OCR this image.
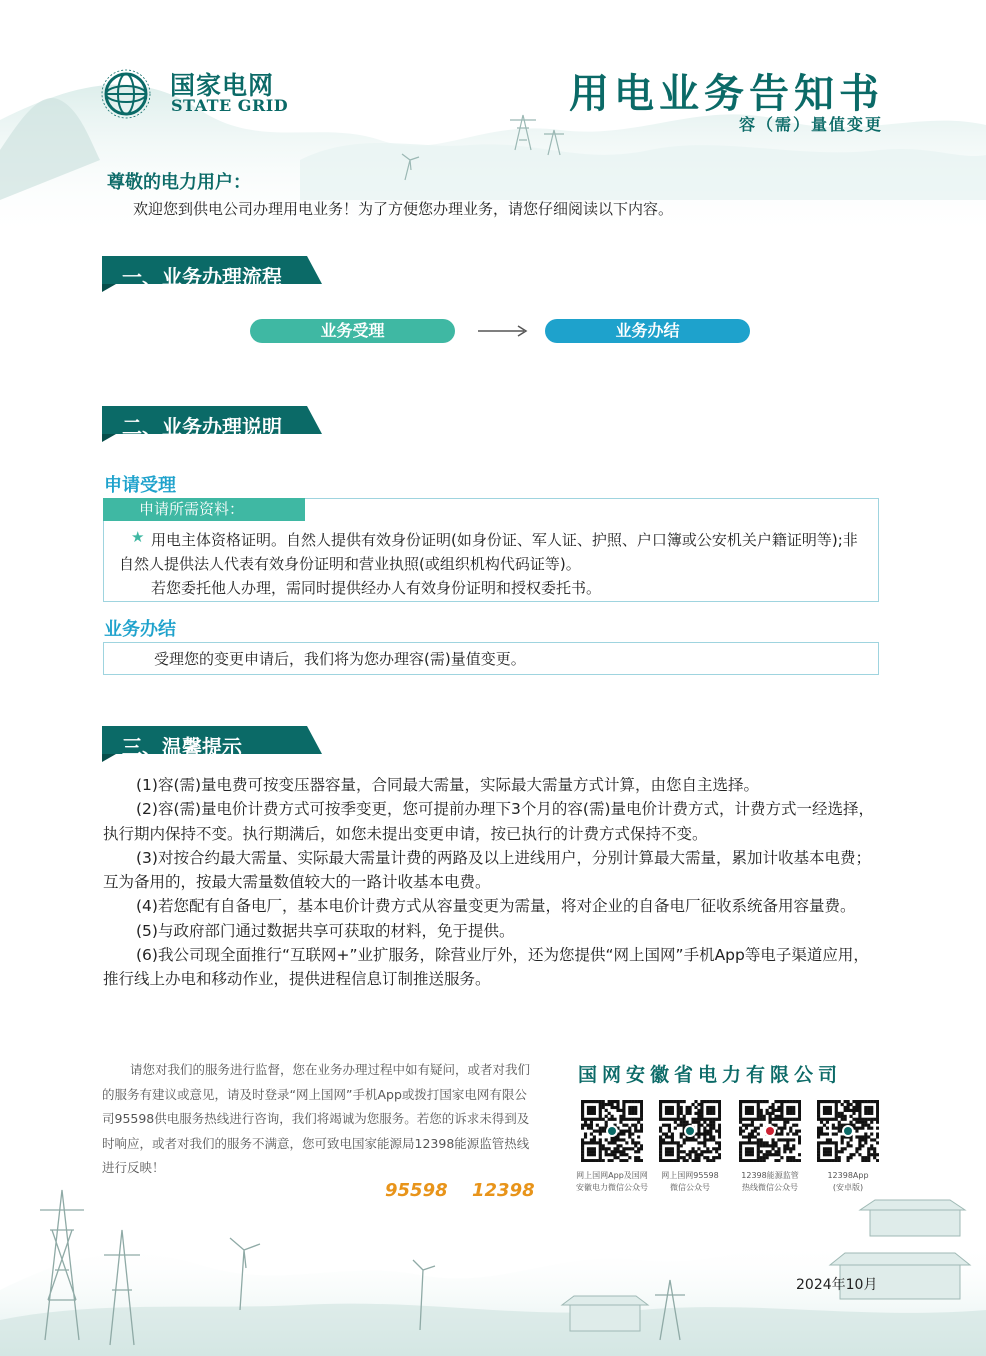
国家电网
STATE GRID	用电业务告知书
容（需）量值变更
尊敬的电力用户：
欢迎您到供电公司办理用电业务！为了方便您办理业务，请您仔细阅读以下内容。
一、业务办理流程
业务受理	业务办结
二、业务办理说明
申请受理
申请所需资料：
★ 用电主体资格证明。自然人提供有效身份证明(如身份证、军人证、护照、户口簿或公安机关户籍证明等);非自然人提供法人代表有效身份证明和营业执照(或组织机构代码证等)。
若您委托他人办理，需同时提供经办人有效身份证明和授权委托书。
业务办结
受理您的变更申请后，我们将为您办理容(需)量值变更。
三、温馨提示

(1)容(需)量电费可按变压器容量，合同最大需量，实际最大需量方式计算，由您自主选择。

(2)容(需)量电价计费方式可按季变更，您可提前办理下3个月的容(需)量电价计费方式，计费方式一经选择，执行期内保持不变。执行期满后，如您未提出变更申请，按已执行的计费方式保持不变。

(3)对按合约最大需量、实际最大需量计费的两路及以上进线用户，分别计算最大需量，累加计收基本电费；互为备用的，按最大需量数值较大的一路计收基本电费。

(4)若您配有自备电厂，基本电价计费方式从容量变更为需量，将对企业的自备电厂征收系统备用容量费。

(5)与政府部门通过数据共享可获取的材料，免于提供。

(6)我公司现全面推行“互联网+”业扩服务，除营业厅外，还为您提供“网上国网”手机App等电子渠道应用，推行线上办电和移动作业，提供进程信息订制推送服务。

请您对我们的服务进行监督，您在业务办理过程中如有疑问，或者对我们的服务有建议或意见，请及时登录“网上国网”手机App或拨打国家电网有限公司95598供电服务热线进行咨询，我们将竭诚为您服务。若您的诉求未得到及时响应，或者对我们的服务不满意，您可致电国家能源局12398能源监管热线进行反映！
国网安徽省电力有限公司
网上国网App及国网
安徽电力微信公众号
网上国网95598
微信公众号
12398能源监管
热线微信公众号
12398App
(安卓版)
95598 12398
2024年10月
